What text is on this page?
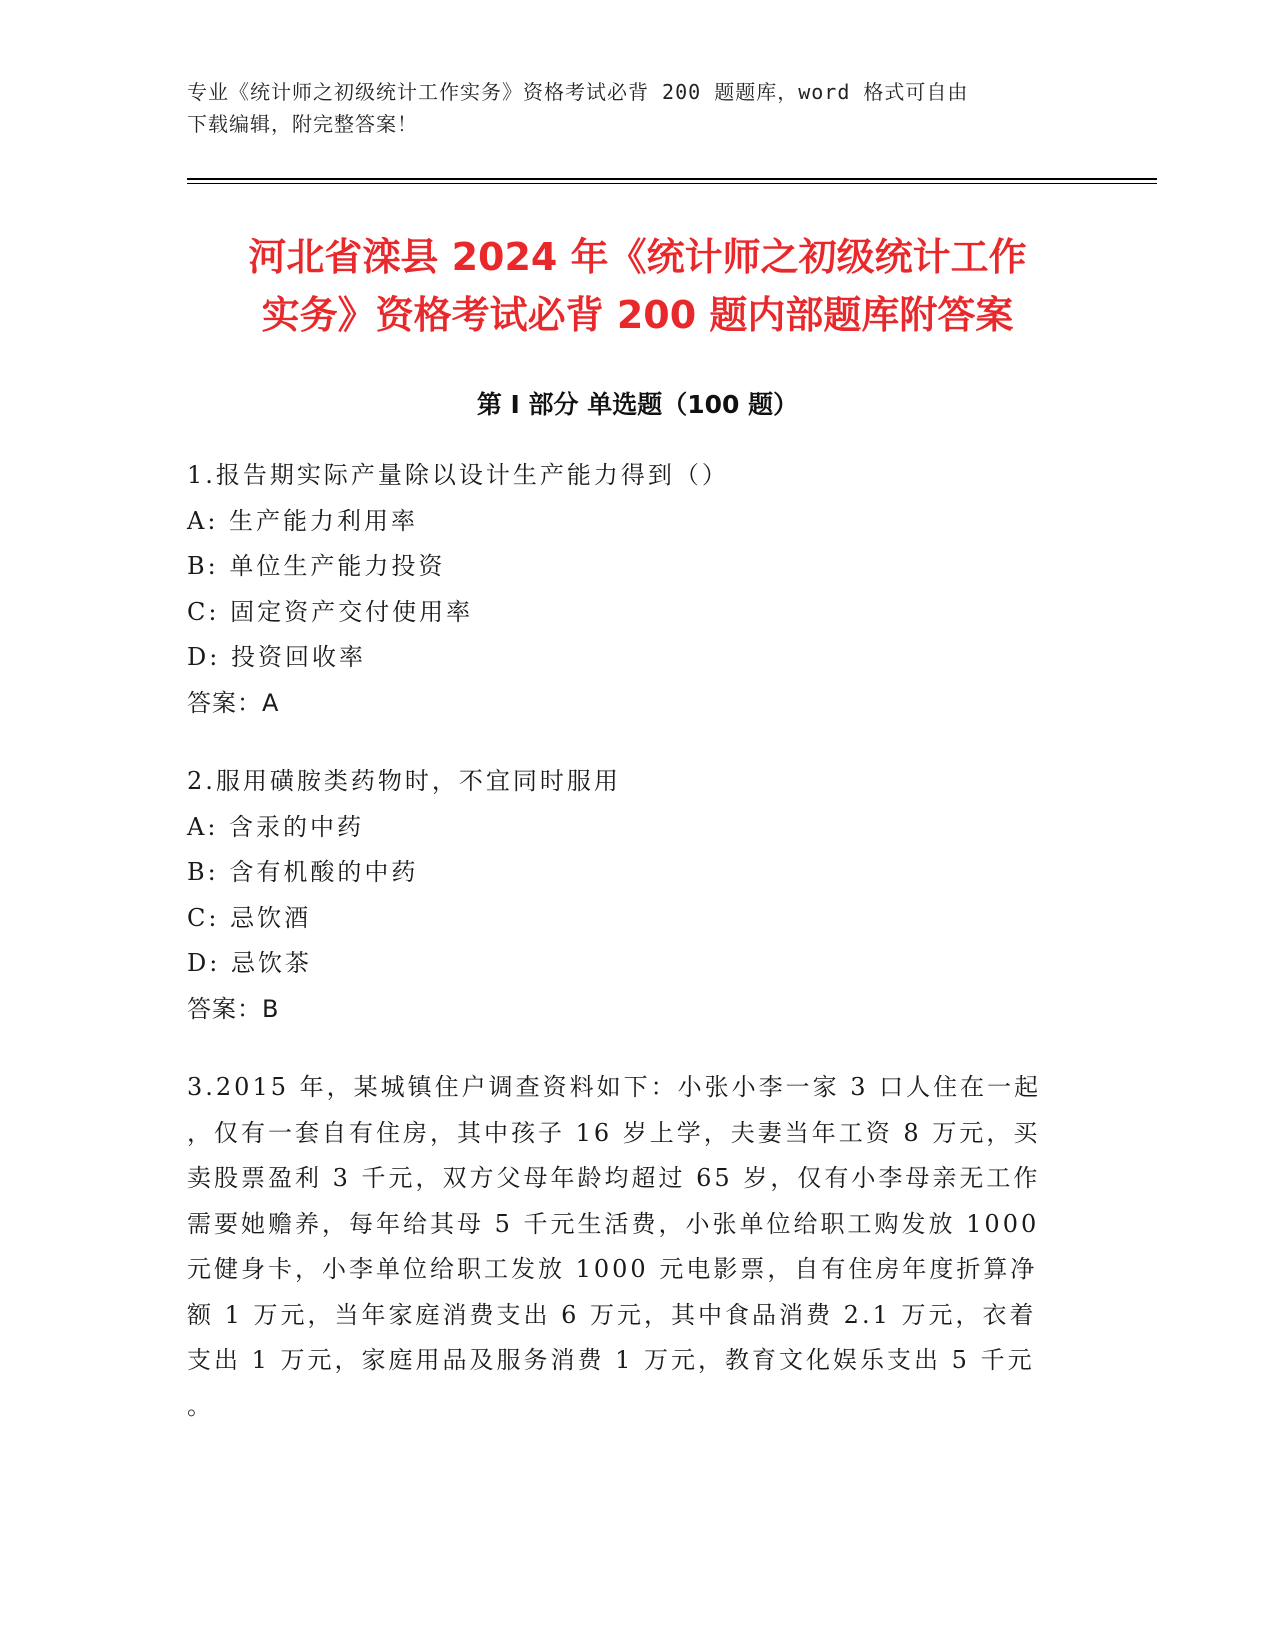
专业《统计师之初级统计工作实务》资格考试必背 200 题题库，word 格式可自由
下载编辑，附完整答案！
河北省滦县 2024 年《统计师之初级统计工作
实务》资格考试必背 200 题内部题库附答案
第 I 部分 单选题（100 题）
1.报告期实际产量除以设计生产能力得到（）
A: 生产能力利用率
B: 单位生产能力投资
C: 固定资产交付使用率
D: 投资回收率
答案：A
2.服用磺胺类药物时，不宜同时服用
A: 含汞的中药
B: 含有机酸的中药
C: 忌饮酒
D: 忌饮茶
答案：B
3.2015 年，某城镇住户调查资料如下：小张小李一家 3 口人住在一起
，仅有一套自有住房，其中孩子 16 岁上学，夫妻当年工资 8 万元，买
卖股票盈利 3 千元，双方父母年龄均超过 65 岁，仅有小李母亲无工作
需要她赡养，每年给其母 5 千元生活费，小张单位给职工购发放 1000
元健身卡，小李单位给职工发放 1000 元电影票，自有住房年度折算净
额 1 万元，当年家庭消费支出 6 万元，其中食品消费 2.1 万元，衣着
支出 1 万元，家庭用品及服务消费 1 万元，教育文化娱乐支出 5 千元
。
